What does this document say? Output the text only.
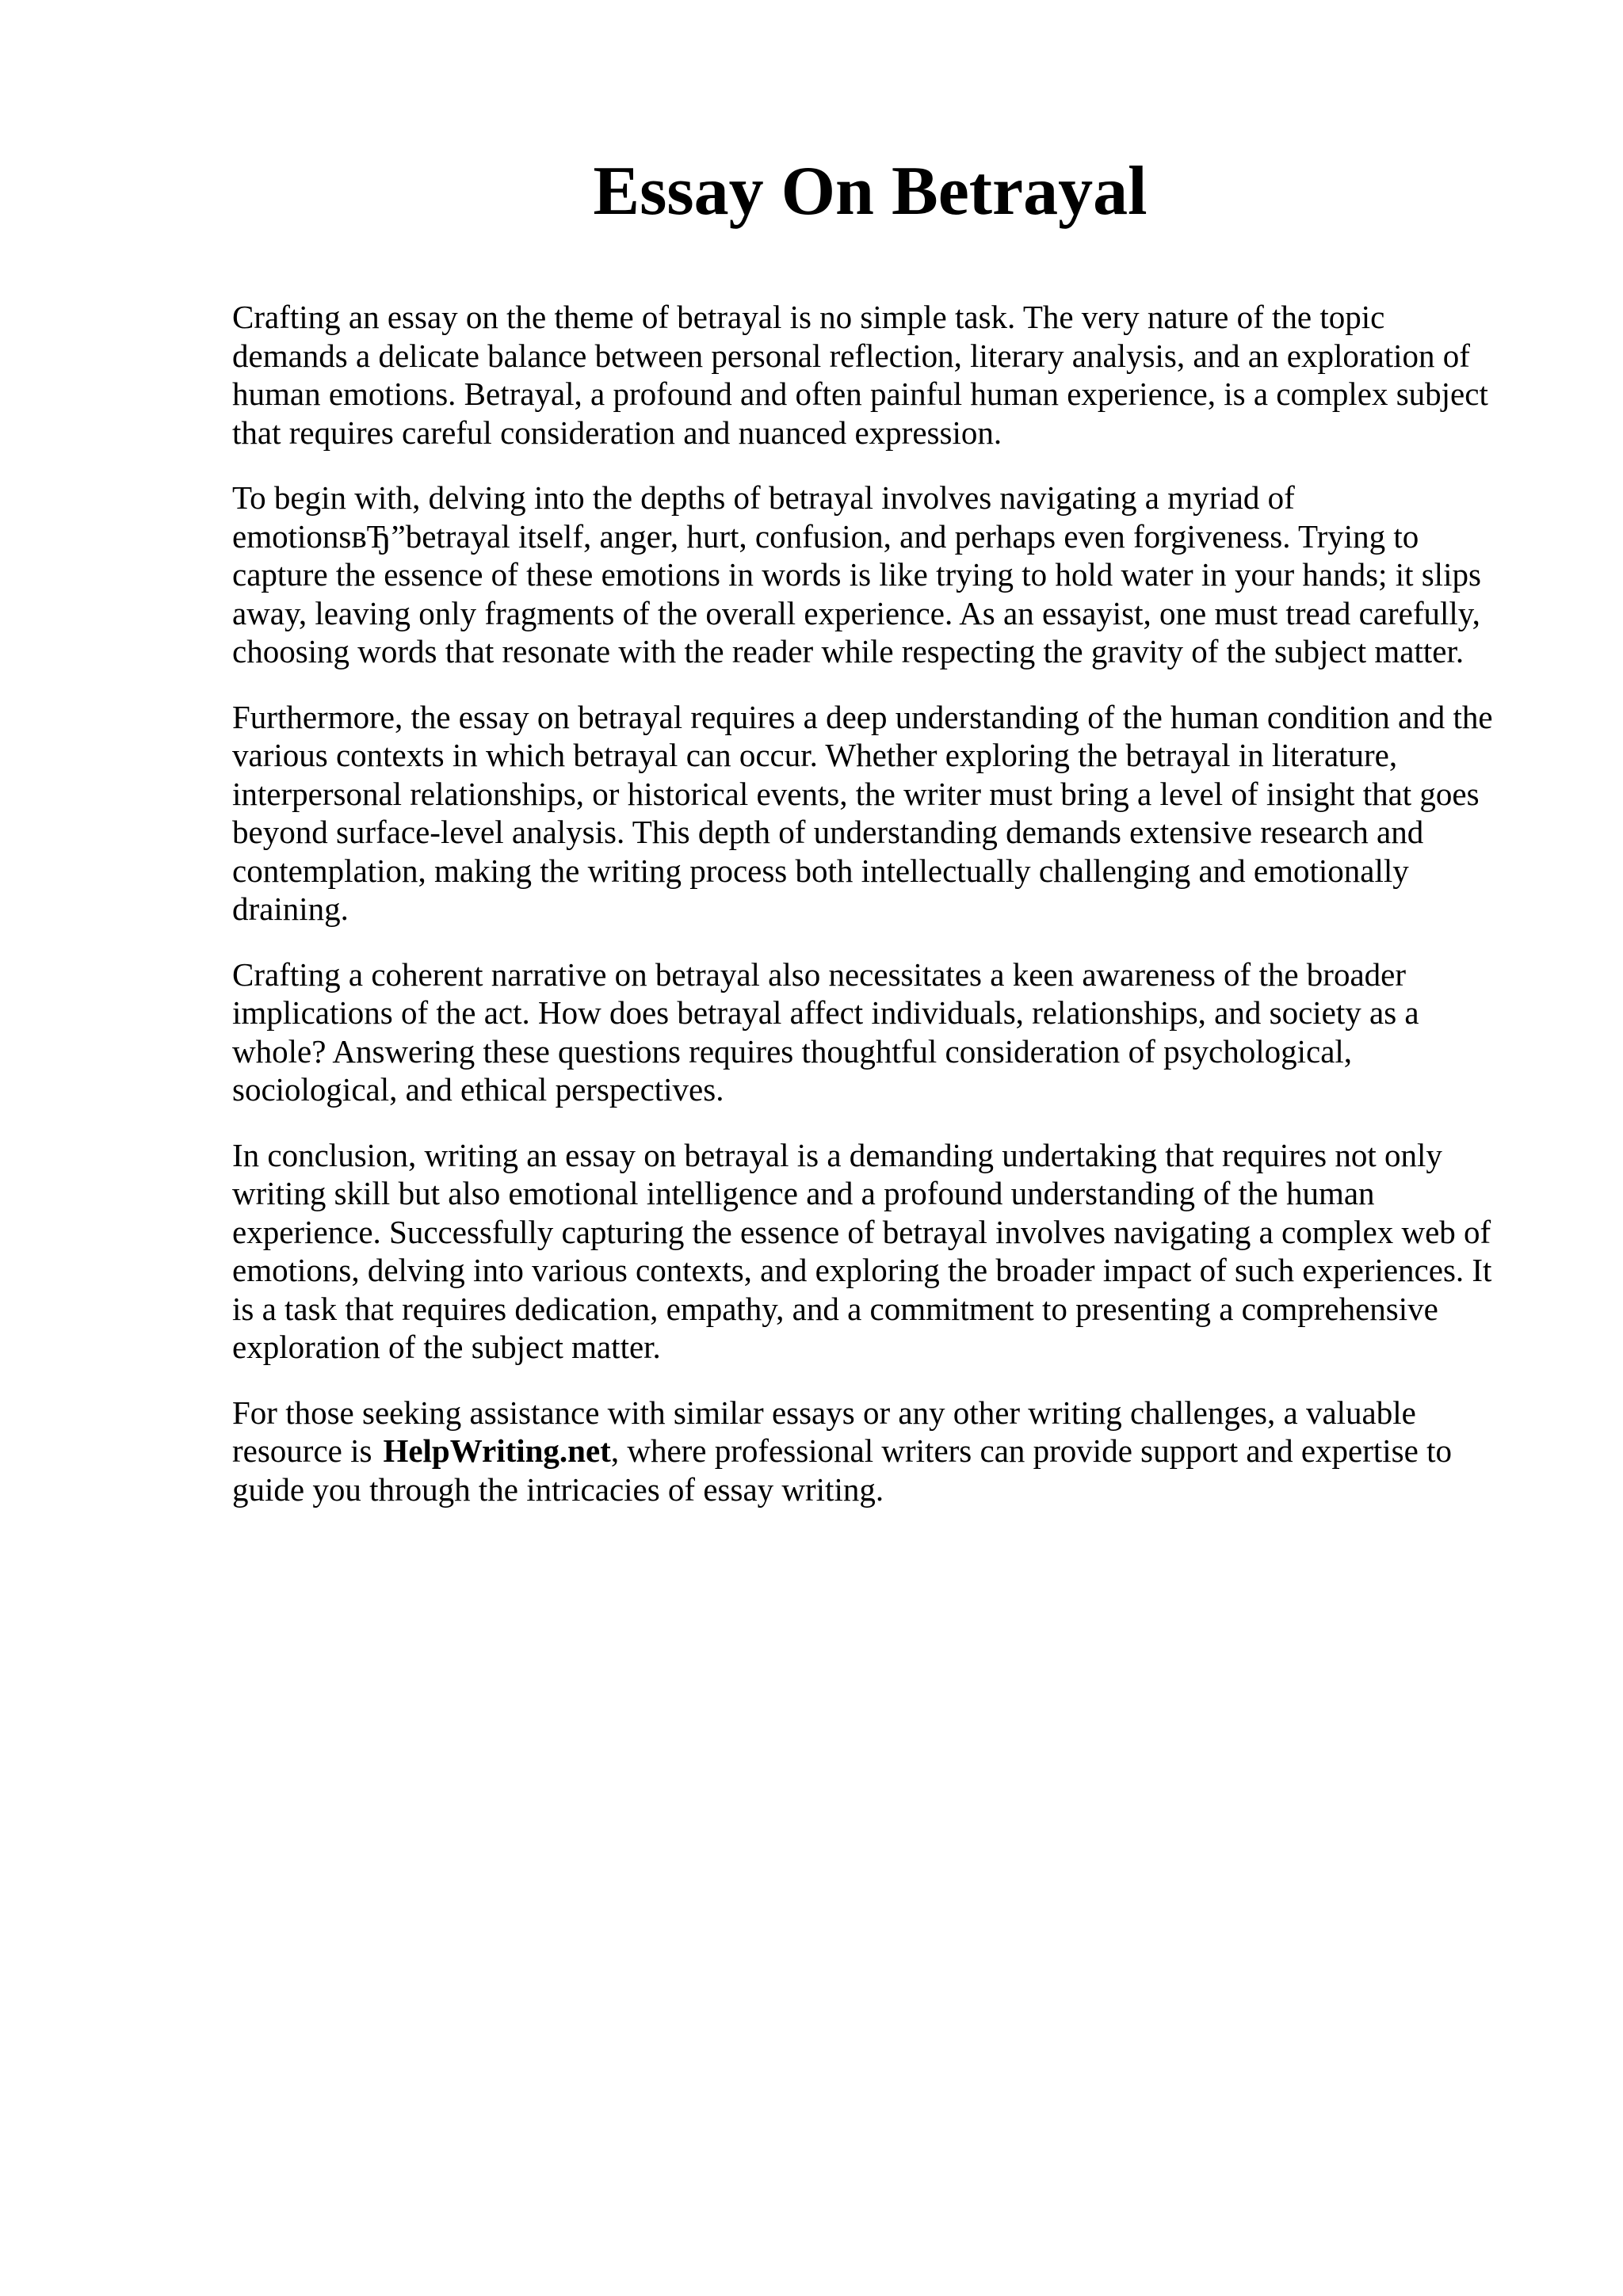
Essay On Betrayal

Crafting an essay on the theme of betrayal is no simple task. The very nature of the topic
demands a delicate balance between personal reflection, literary analysis, and an exploration of
human emotions. Betrayal, a profound and often painful human experience, is a complex subject
that requires careful consideration and nuanced expression.

To begin with, delving into the depths of betrayal involves navigating a myriad of
emotionsвЂ”betrayal itself, anger, hurt, confusion, and perhaps even forgiveness. Trying to
capture the essence of these emotions in words is like trying to hold water in your hands; it slips
away, leaving only fragments of the overall experience. As an essayist, one must tread carefully,
choosing words that resonate with the reader while respecting the gravity of the subject matter.

Furthermore, the essay on betrayal requires a deep understanding of the human condition and the
various contexts in which betrayal can occur. Whether exploring the betrayal in literature,
interpersonal relationships, or historical events, the writer must bring a level of insight that goes
beyond surface-level analysis. This depth of understanding demands extensive research and
contemplation, making the writing process both intellectually challenging and emotionally
draining.

Crafting a coherent narrative on betrayal also necessitates a keen awareness of the broader
implications of the act. How does betrayal affect individuals, relationships, and society as a
whole? Answering these questions requires thoughtful consideration of psychological,
sociological, and ethical perspectives.

In conclusion, writing an essay on betrayal is a demanding undertaking that requires not only
writing skill but also emotional intelligence and a profound understanding of the human
experience. Successfully capturing the essence of betrayal involves navigating a complex web of
emotions, delving into various contexts, and exploring the broader impact of such experiences. It
is a task that requires dedication, empathy, and a commitment to presenting a comprehensive
exploration of the subject matter.

For those seeking assistance with similar essays or any other writing challenges, a valuable
resource is HelpWriting.net, where professional writers can provide support and expertise to
guide you through the intricacies of essay writing.
